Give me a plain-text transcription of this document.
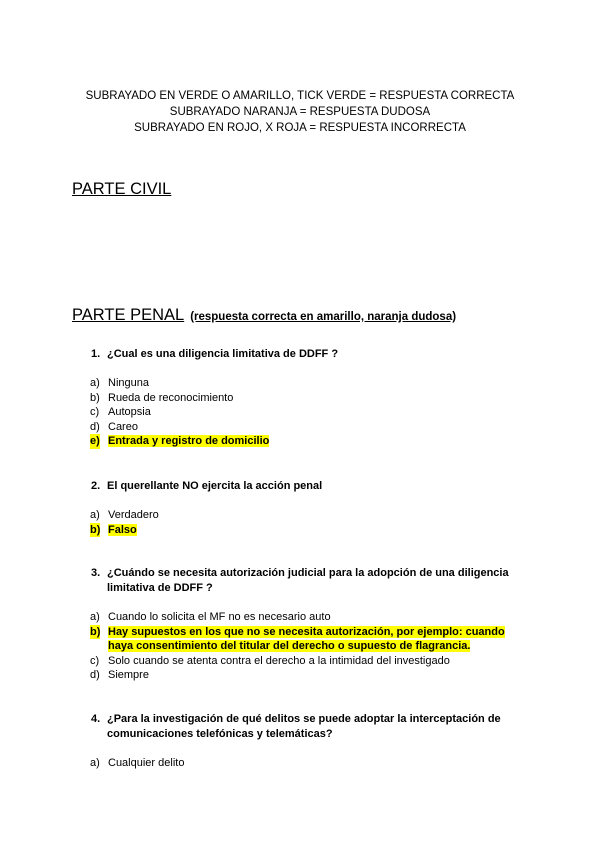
SUBRAYADO EN VERDE O AMARILLO, TICK VERDE = RESPUESTA CORRECTA
SUBRAYADO NARANJA = RESPUESTA DUDOSA
SUBRAYADO EN ROJO, X ROJA = RESPUESTA INCORRECTA
PARTE CIVIL
PARTE PENAL (respuesta correcta en amarillo, naranja dudosa)
1. ¿Cual es una diligencia limitativa de DDFF ?
a) Ninguna
b) Rueda de reconocimiento
c) Autopsia
d) Careo
e) Entrada y registro de domicilio
2. El querellante NO ejercita la acción penal
a) Verdadero
b) Falso
3. ¿Cuándo se necesita autorización judicial para la adopción de una diligencia limitativa de DDFF ?
a) Cuando lo solicita el MF no es necesario auto
b) Hay supuestos en los que no se necesita autorización, por ejemplo: cuando haya consentimiento del titular del derecho o supuesto de flagrancia.
c) Solo cuando se atenta contra el derecho a la intimidad del investigado
d) Siempre
4. ¿Para la investigación de qué delitos se puede adoptar la interceptación de comunicaciones telefónicas y telemáticas?
a) Cualquier delito
